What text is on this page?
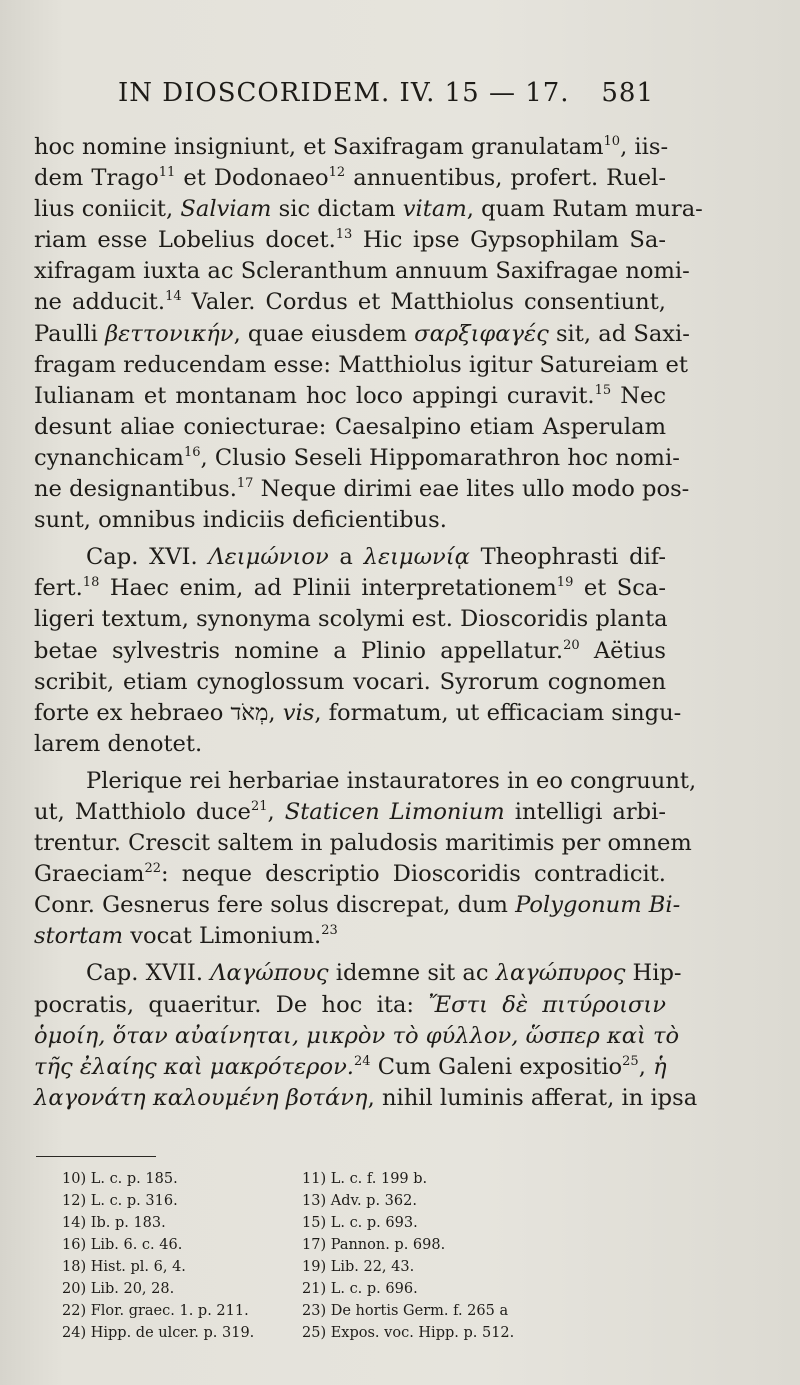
IN DIOSCORIDEM. IV. 15 — 17. 581
hoc nomine insigniunt, et Saxifragam granulatam$^{10}$, iis-
dem Trago$^{11}$ et Dodonaeo$^{12}$ annuentibus, profert. Ruel-
lius coniicit, Salviam sic dictam vitam, quam Rutam mura-
riam esse Lobelius docet.$^{13}$ Hic ipse Gypsophilam Sa-
xifragam iuxta ac Scleranthum annuum Saxifragae nomi-
ne adducit.$^{14}$ Valer. Cordus et Matthiolus consentiunt,
Paulli βεττονικήν, quae eiusdem σαρξιφαγές sit, ad Saxi-
fragam reducendam esse: Matthiolus igitur Satureiam et
Iulianam et montanam hoc loco appingi curavit.$^{15}$ Nec
desunt aliae coniecturae: Caesalpino etiam Asperulam
cynanchicam$^{16}$, Clusio Seseli Hippomarathron hoc nomi-
ne designantibus.$^{17}$ Neque dirimi eae lites ullo modo pos-
sunt, omnibus indiciis deficientibus.
Cap. XVI. Λειμώνιον a λειμωνίᾳ Theophrasti dif-
fert.$^{18}$ Haec enim, ad Plinii interpretationem$^{19}$ et Sca-
ligeri textum, synonyma scolymi est. Dioscoridis planta
betae sylvestris nomine a Plinio appellatur.$^{20}$ Aëtius
scribit, etiam cynoglossum vocari. Syrorum cognomen
forte ex hebraeo מְאֹד, vis, formatum, ut efficaciam singu-
larem denotet.
Plerique rei herbariae instauratores in eo congruunt,
ut, Matthiolo duce$^{21}$, Staticen Limonium intelligi arbi-
trentur. Crescit saltem in paludosis maritimis per omnem
Graeciam$^{22}$: neque descriptio Dioscoridis contradicit.
Conr. Gesnerus fere solus discrepat, dum Polygonum Bi-
stortam vocat Limonium.$^{23}$
Cap. XVII. Λαγώπους idemne sit ac λαγώπυρος Hip-
pocratis, quaeritur. De hoc ita: Ἔστι δὲ πιτύροισιν
ὁμοίη, ὅταν αὐαίνηται, μικρὸν τὸ φύλλον, ὥσπερ καὶ τὸ
τῆς ἐλαίης καὶ μακρότερον.$^{24}$ Cum Galeni expositio$^{25}$, ἡ
λαγονάτη καλουμένη βοτάνη, nihil luminis afferat, in ipsa
10) L. c. p. 185.	11) L. c. f. 199 b.
12) L. c. p. 316.	13) Adv. p. 362.
14) Ib. p. 183.	15) L. c. p. 693.
16) Lib. 6. c. 46.	17) Pannon. p. 698.
18) Hist. pl. 6, 4.	19) Lib. 22, 43.
20) Lib. 20, 28.	21) L. c. p. 696.
22) Flor. graec. 1. p. 211.	23) De hortis Germ. f. 265 a
24) Hipp. de ulcer. p. 319.	25) Expos. voc. Hipp. p. 512.
